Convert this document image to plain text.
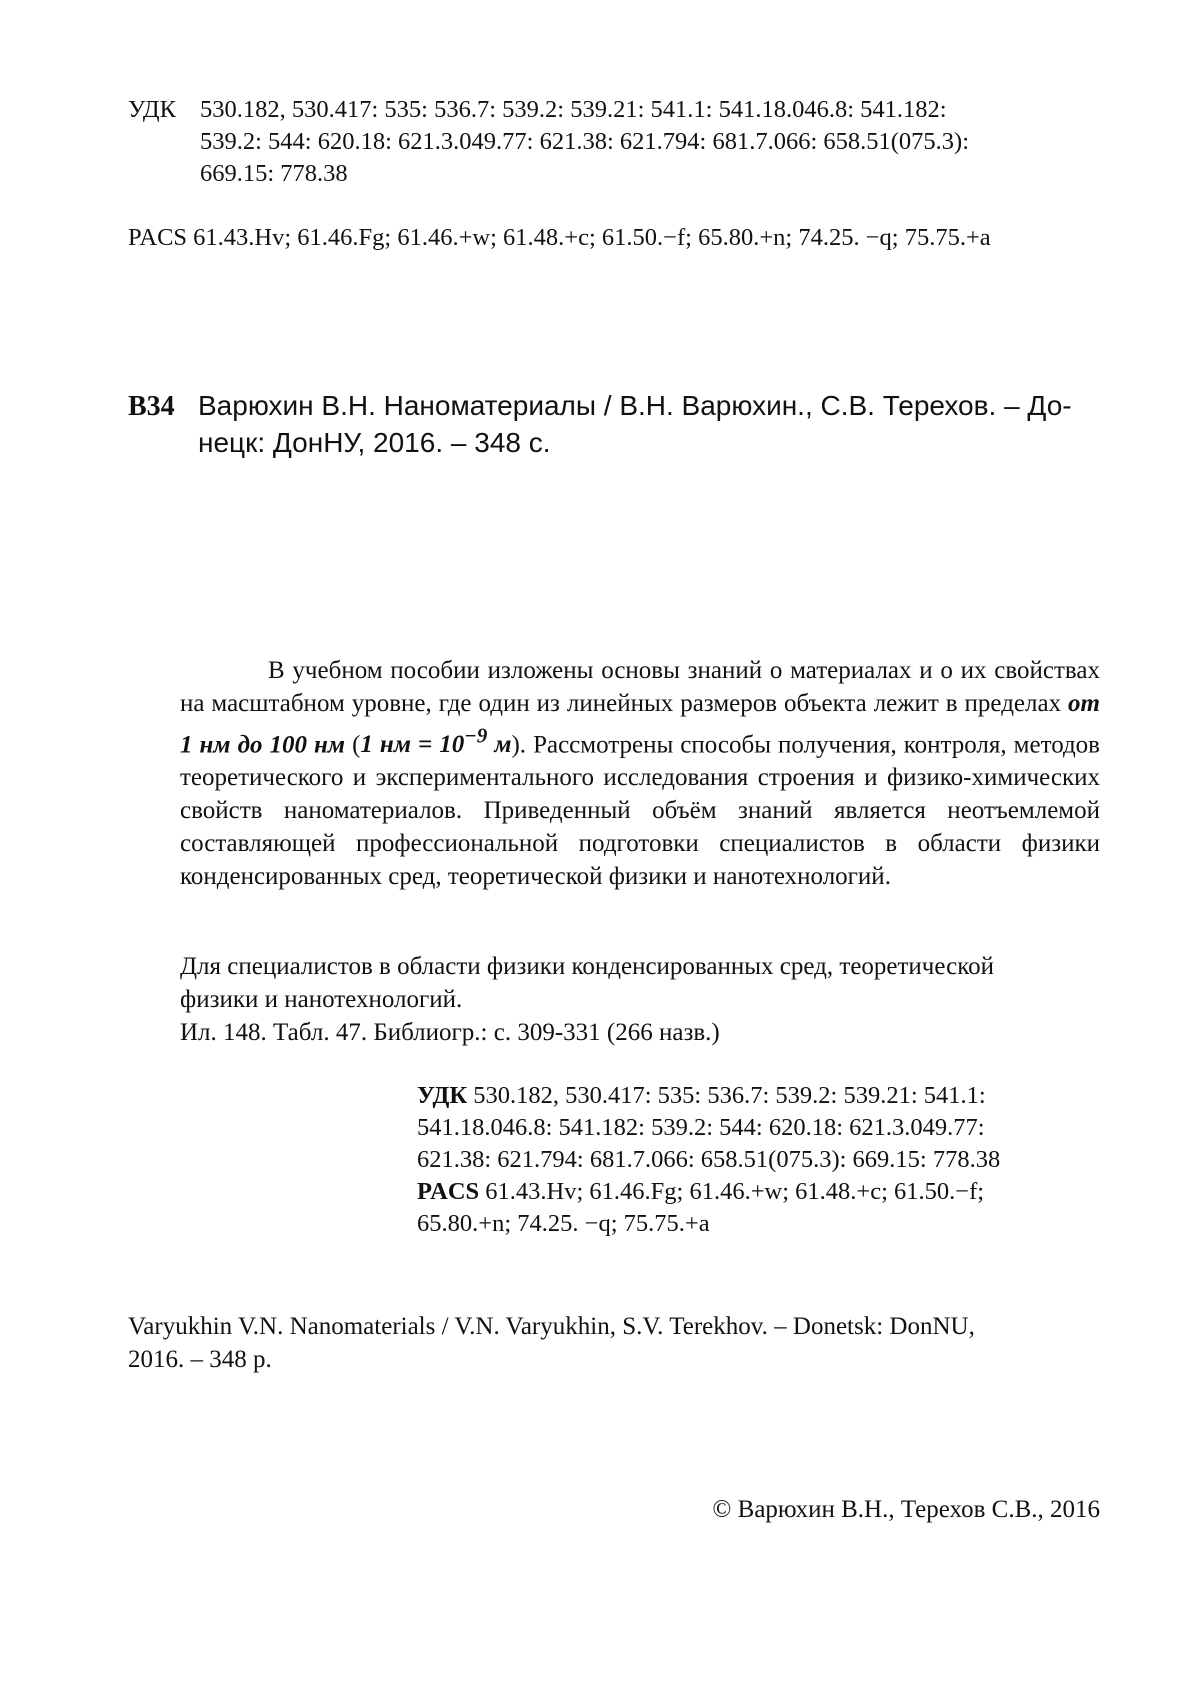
УДК 530.182, 530.417: 535: 536.7: 539.2: 539.21: 541.1: 541.18.046.8: 541.182:
539.2: 544: 620.18: 621.3.049.77: 621.38: 621.794: 681.7.066: 658.51(075.3):
669.15: 778.38
PACS 61.43.Hv; 61.46.Fg; 61.46.+w; 61.48.+c; 61.50.−f; 65.80.+n; 74.25. −q; 75.75.+a
В34 Варюхин В.Н. Наноматериалы / В.Н. Варюхин., С.В. Терехов. – До-
нецк: ДонНУ, 2016. – 348 с.
В учебном пособии изложены основы знаний о материалах и о их свойствах на масштабном уровне, где один из линейных размеров объекта лежит в пределах от 1 нм до 100 нм (1 нм = $10^{-9}$ м). Рассмотрены способы получения, контроля, методов теоретического и экспериментального исследования строения и физико-химических свойств наноматериалов. Приведенный объём знаний является неотъемлемой составляющей профессиональной подготовки специалистов в области физики конденсированных сред, теоретической физики и нанотехнологий.
Для специалистов в области физики конденсированных сред, теоретической
физики и нанотехнологий.
Ил. 148. Табл. 47. Библиогр.: с. 309-331 (266 назв.)
УДК 530.182, 530.417: 535: 536.7: 539.2: 539.21: 541.1:
541.18.046.8: 541.182: 539.2: 544: 620.18: 621.3.049.77:
621.38: 621.794: 681.7.066: 658.51(075.3): 669.15: 778.38
PACS 61.43.Hv; 61.46.Fg; 61.46.+w; 61.48.+c; 61.50.−f;
65.80.+n; 74.25. −q; 75.75.+a
Varyukhin V.N. Nanomaterials / V.N. Varyukhin, S.V. Terekhov. – Donetsk: DonNU,
2016. – 348 p.
© Варюхин В.Н., Терехов С.В., 2016
